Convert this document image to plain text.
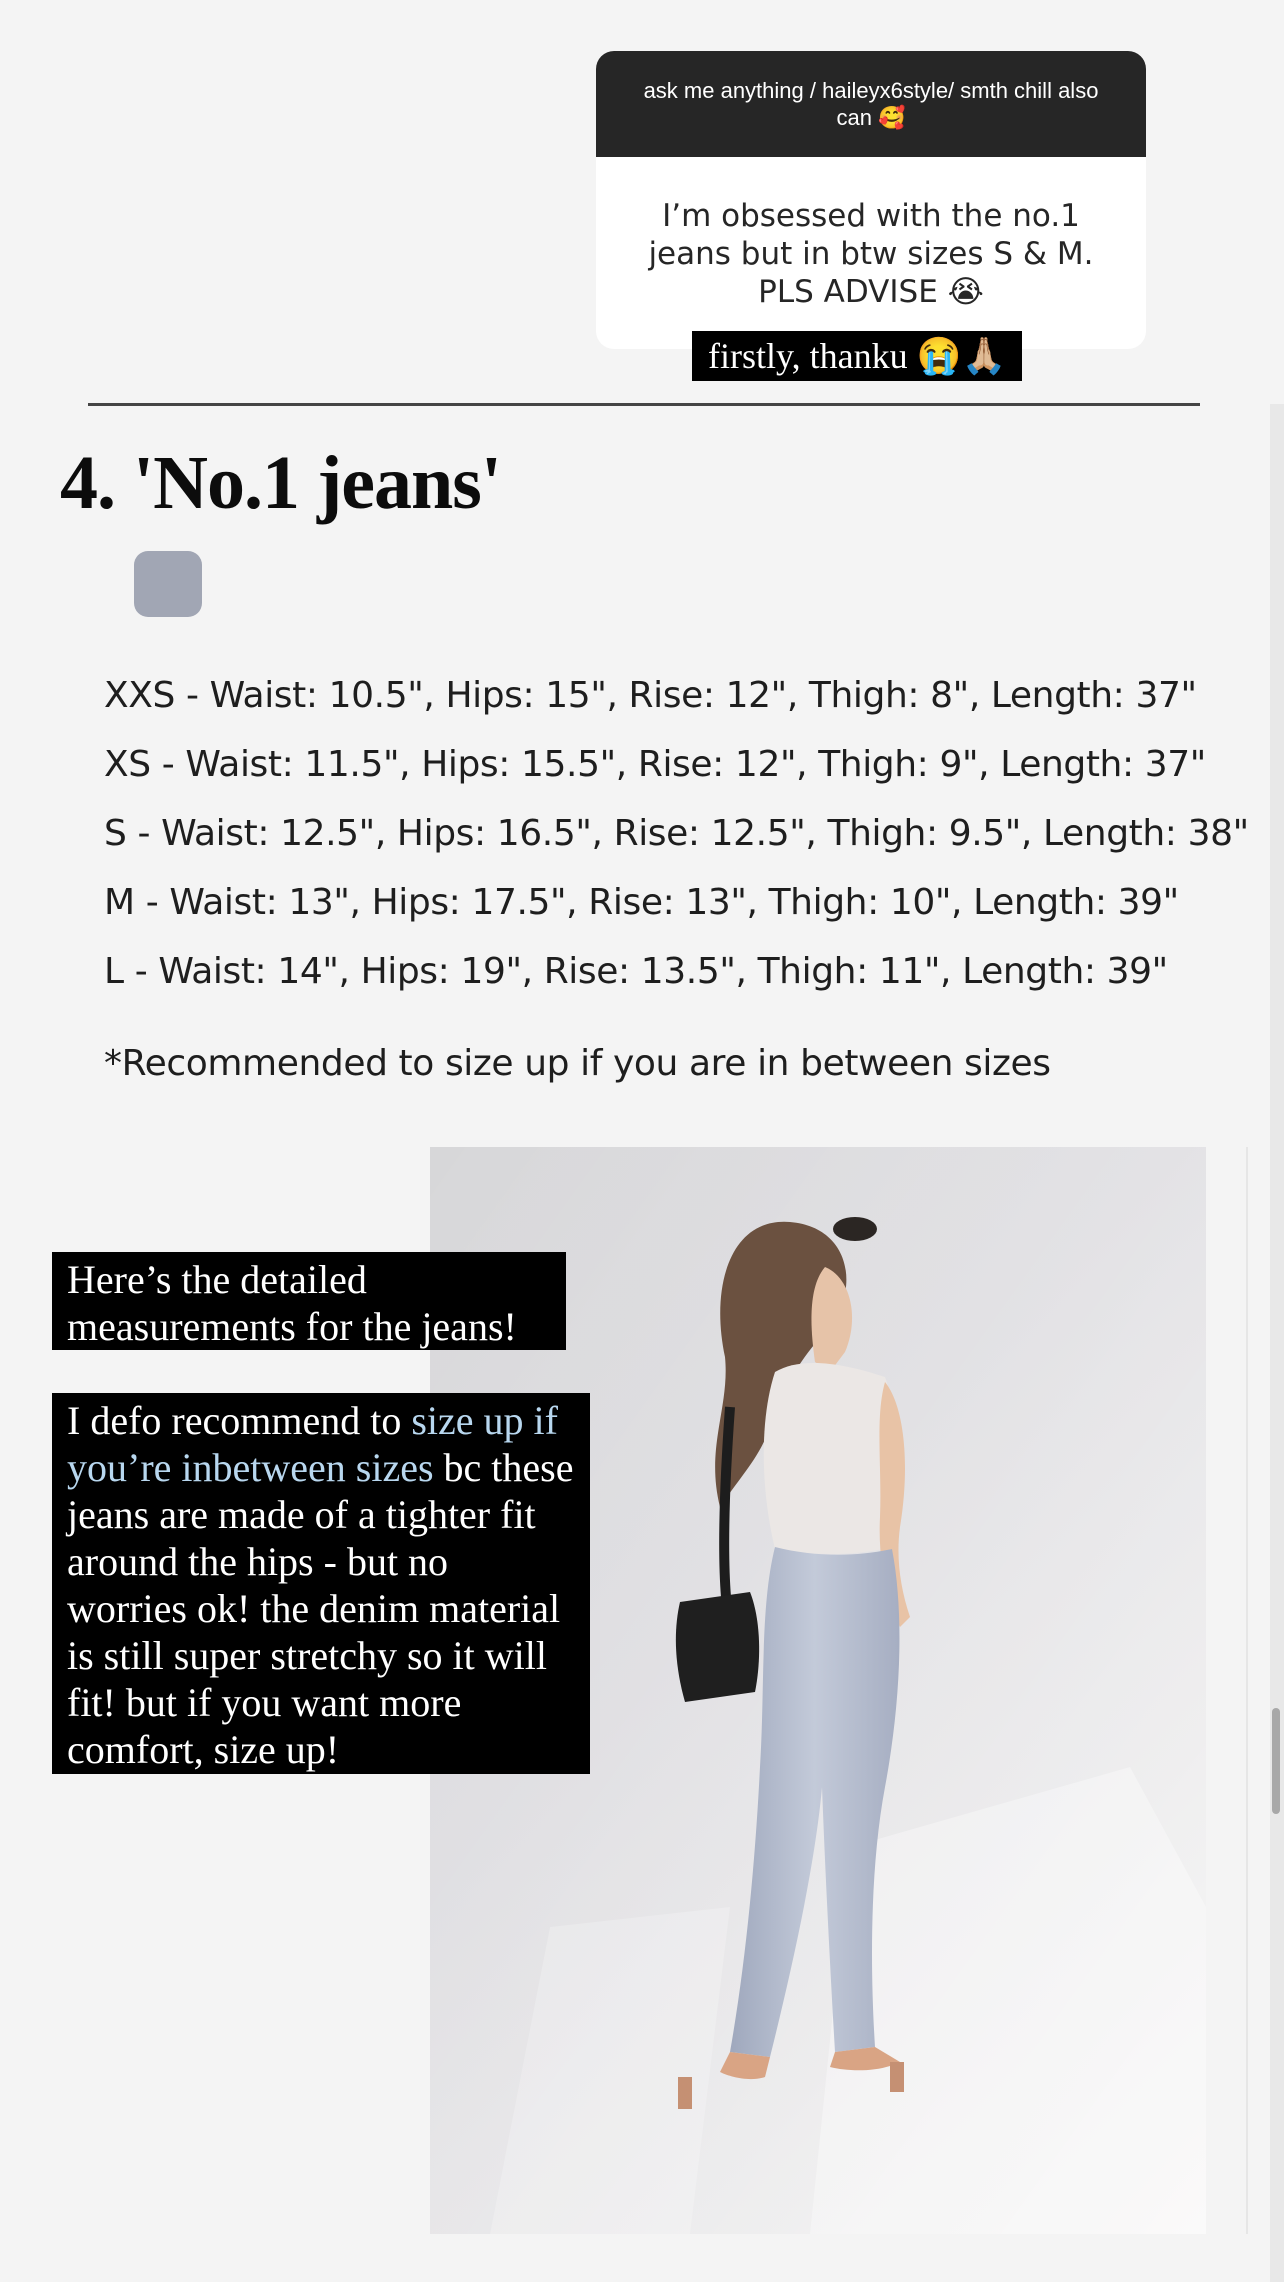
ask me anything / haileyx6style/ smth chill also can 🥰
I’m obsessed with the no.1 jeans but in btw sizes S & M. PLS ADVISE 😭
firstly, thanku 😭🙏🏼
4. 'No.1 jeans'
XXS - Waist: 10.5", Hips: 15", Rise: 12", Thigh: 8", Length: 37"
XS - Waist: 11.5", Hips: 15.5", Rise: 12", Thigh: 9", Length: 37"
S - Waist: 12.5", Hips: 16.5", Rise: 12.5", Thigh: 9.5", Length: 38"
M - Waist: 13", Hips: 17.5", Rise: 13", Thigh: 10", Length: 39"
L - Waist: 14", Hips: 19", Rise: 13.5", Thigh: 11", Length: 39"
*Recommended to size up if you are in between sizes
Here’s the detailed measurements for the jeans!
I defo recommend to size up if you’re inbetween sizes bc these jeans are made of a tighter fit around the hips - but no worries ok! the denim material is still super stretchy so it will fit! but if you want more comfort, size up!
